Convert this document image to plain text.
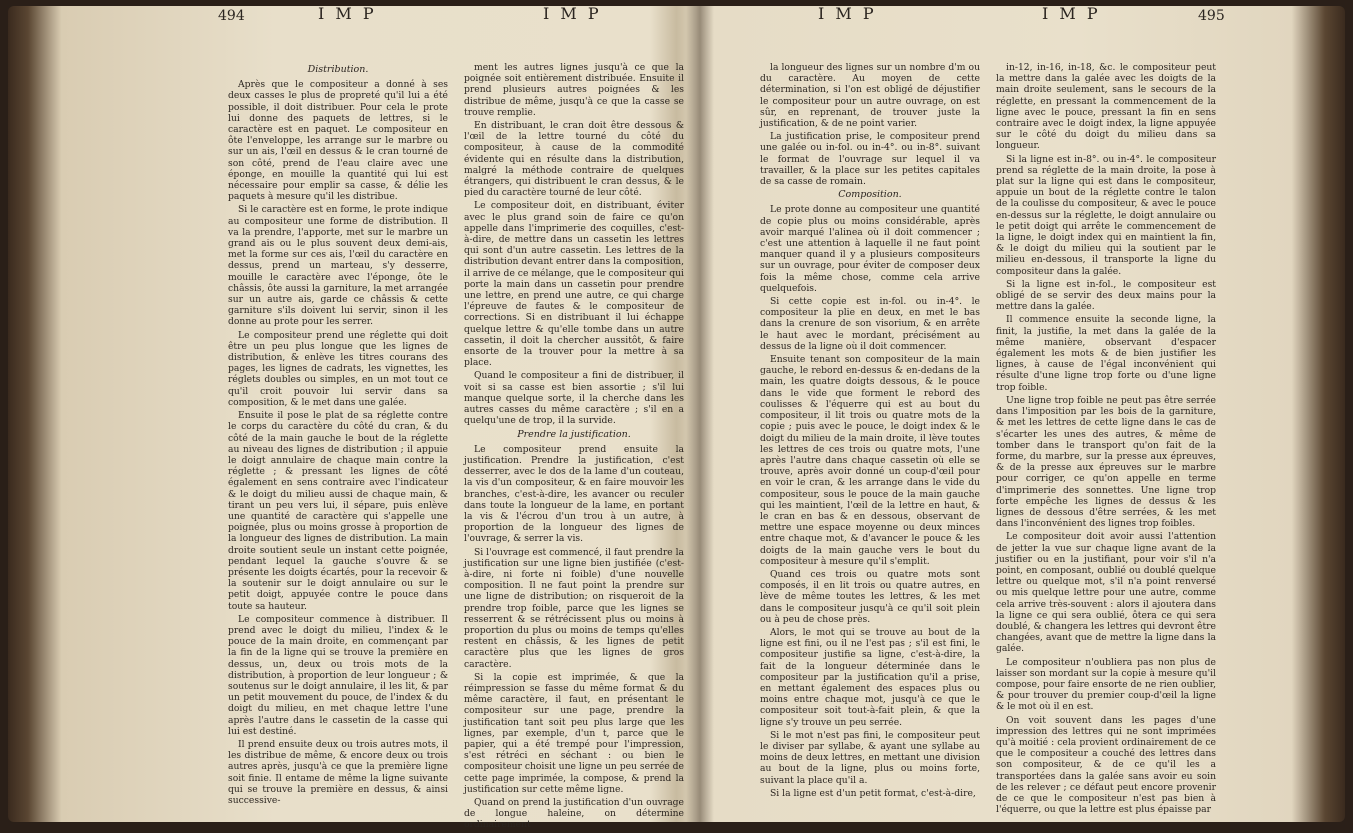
494	I M P	I M P
Distribution.

Après que le compositeur a donné à ses deux casses le plus de propreté qu'il lui a été possible, il doit distribuer. Pour cela le prote lui donne des paquets de lettres, si le caractère est en paquet. Le compositeur en ôte l'enveloppe, les arrange sur le marbre ou sur un ais, l'œil en dessus & le cran tourné de son côté, prend de l'eau claire avec une éponge, en mouille la quantité qui lui est nécessaire pour emplir sa casse, & délie les paquets à mesure qu'il les distribue.

Si le caractère est en forme, le prote indique au compositeur une forme de distribution. Il va la prendre, l'apporte, met sur le marbre un grand ais ou le plus souvent deux demi-ais, met la forme sur ces ais, l'œil du caractère en dessus, prend un marteau, s'y desserre, mouille le caractère avec l'éponge, ôte le châssis, ôte aussi la garniture, la met arrangée sur un autre ais, garde ce châssis & cette garniture s'ils doivent lui servir, sinon il les donne au prote pour les serrer.

Le compositeur prend une réglette qui doit être un peu plus longue que les lignes de distribution, & enlève les titres courans des pages, les lignes de cadrats, les vignettes, les réglets doubles ou simples, en un mot tout ce qu'il croit pouvoir lui servir dans sa composition, & le met dans une galée.

Ensuite il pose le plat de sa réglette contre le corps du caractère du côté du cran, & du côté de la main gauche le bout de la réglette au niveau des lignes de distribution ; il appuie le doigt annulaire de chaque main contre la réglette ; & pressant les lignes de côté également en sens contraire avec l'indicateur & le doigt du milieu aussi de chaque main, & tirant un peu vers lui, il sépare, puis enlève une quantité de caractère qui s'appelle une poignée, plus ou moins grosse à proportion de la longueur des lignes de distribution. La main droite soutient seule un instant cette poignée, pendant lequel la gauche s'ouvre & se présente les doigts écartés, pour la recevoir & la soutenir sur le doigt annulaire ou sur le petit doigt, appuyée contre le pouce dans toute sa hauteur.

Le compositeur commence à distribuer. Il prend avec le doigt du milieu, l'index & le pouce de la main droite, en commençant par la fin de la ligne qui se trouve la première en dessus, un, deux ou trois mots de la distribution, à proportion de leur longueur ; & soutenus sur le doigt annulaire, il les lit, & par un petit mouvement du pouce, de l'index & du doigt du milieu, en met chaque lettre l'une après l'autre dans le cassetin de la casse qui lui est destiné.

Il prend ensuite deux ou trois autres mots, il les distribue de même, & encore deux ou trois autres après, jusqu'à ce que la première ligne soit finie. Il entame de même la ligne suivante qui se trouve la première en dessus, & ainsi successive-

ment les autres lignes jusqu'à ce que la poignée soit entièrement distribuée. Ensuite il prend plusieurs autres poignées & les distribue de même, jusqu'à ce que la casse se trouve remplie.

En distribuant, le cran doit être dessous & l'œil de la lettre tourné du côté du compositeur, à cause de la commodité évidente qui en résulte dans la distribution, malgré la méthode contraire de quelques étrangers, qui distribuent le cran dessus, & le pied du caractère tourné de leur côté.

Le compositeur doit, en distribuant, éviter avec le plus grand soin de faire ce qu'on appelle dans l'imprimerie des coquilles, c'est-à-dire, de mettre dans un cassetin les lettres qui sont d'un autre cassetin. Les lettres de la distribution devant entrer dans la composition, il arrive de ce mélange, que le compositeur qui porte la main dans un cassetin pour prendre une lettre, en prend une autre, ce qui charge l'épreuve de fautes & le compositeur de corrections. Si en distribuant il lui échappe quelque lettre & qu'elle tombe dans un autre cassetin, il doit la chercher aussitôt, & faire ensorte de la trouver pour la mettre à sa place.

Quand le compositeur a fini de distribuer, il voit si sa casse est bien assortie ; s'il lui manque quelque sorte, il la cherche dans les autres casses du même caractère ; s'il en a quelqu'une de trop, il la survide.

Prendre la justification.

Le compositeur prend ensuite la justification. Prendre la justification, c'est desserrer, avec le dos de la lame d'un couteau, la vis d'un compositeur, & en faire mouvoir les branches, c'est-à-dire, les avancer ou reculer dans toute la longueur de la lame, en portant la vis & l'écrou d'un trou à un autre, à proportion de la longueur des lignes de l'ouvrage, & serrer la vis.

Si l'ouvrage est commencé, il faut prendre la justification sur une ligne bien justifiée (c'est-à-dire, ni forte ni foible) d'une nouvelle composition. Il ne faut point la prendre sur une ligne de distribution; on risqueroit de la prendre trop foible, parce que les lignes se resserrent & se rétrécissent plus ou moins à proportion du plus ou moins de temps qu'elles restent en châssis, & les lignes de petit caractère plus que les lignes de gros caractère.

Si la copie est imprimée, & que la réimpression se fasse du même format & du même caractère, il faut, en présentant le compositeur sur une page, prendre la justification tant soit peu plus large que les lignes, par exemple, d'un t, parce que le papier, qui a été trempé pour l'impression, s'est rétréci en séchant : ou bien le compositeur choisit une ligne un peu serrée de cette page imprimée, la compose, & prend la justification sur cette même ligne.

Quand on prend la justification d'un ouvrage de longue haleine, on détermine ordinairement

I M P	I M P	495

la longueur des lignes sur un nombre d'm ou du caractère. Au moyen de cette détermination, si l'on est obligé de déjustifier le compositeur pour un autre ouvrage, on est sûr, en reprenant, de trouver juste la justification, & de ne point varier.

La justification prise, le compositeur prend une galée ou in-fol. ou in-4°. ou in-8°. suivant le format de l'ouvrage sur lequel il va travailler, & la place sur les petites capitales de sa casse de romain.

Composition.

Le prote donne au compositeur une quantité de copie plus ou moins considérable, après avoir marqué l'alinea où il doit commencer ; c'est une attention à laquelle il ne faut point manquer quand il y a plusieurs compositeurs sur un ouvrage, pour éviter de composer deux fois la même chose, comme cela arrive quelquefois.

Si cette copie est in-fol. ou in-4°. le compositeur la plie en deux, en met le bas dans la crenure de son visorium, & en arrête le haut avec le mordant, précisément au dessus de la ligne où il doit commencer.

Ensuite tenant son compositeur de la main gauche, le rebord en-dessus & en-dedans de la main, les quatre doigts dessous, & le pouce dans le vide que forment le rebord des coulisses & l'équerre qui est au bout du compositeur, il lit trois ou quatre mots de la copie ; puis avec le pouce, le doigt index & le doigt du milieu de la main droite, il lève toutes les lettres de ces trois ou quatre mots, l'une après l'autre dans chaque cassetin où elle se trouve, après avoir donné un coup-d'œil pour en voir le cran, & les arrange dans le vide du compositeur, sous le pouce de la main gauche qui les maintient, l'œil de la lettre en haut, & le cran en bas & en dessous, observant de mettre une espace moyenne ou deux minces entre chaque mot, & d'avancer le pouce & les doigts de la main gauche vers le bout du compositeur à mesure qu'il s'emplit.

Quand ces trois ou quatre mots sont composés, il en lit trois ou quatre autres, en lève de même toutes les lettres, & les met dans le compositeur jusqu'à ce qu'il soit plein ou à peu de chose près.

Alors, le mot qui se trouve au bout de la ligne est fini, ou il ne l'est pas ; s'il est fini, le compositeur justifie sa ligne, c'est-à-dire, la fait de la longueur déterminée dans le compositeur par la justification qu'il a prise, en mettant également des espaces plus ou moins entre chaque mot, jusqu'à ce que le compositeur soit tout-à-fait plein, & que la ligne s'y trouve un peu serrée.

Si le mot n'est pas fini, le compositeur peut le diviser par syllabe, & ayant une syllabe au moins de deux lettres, en mettant une division au bout de la ligne, plus ou moins forte, suivant la place qu'il a.

Si la ligne est d'un petit format, c'est-à-dire,

in-12, in-16, in-18, &c. le compositeur peut la mettre dans la galée avec les doigts de la main droite seulement, sans le secours de la réglette, en pressant la commencement de la ligne avec le pouce, pressant la fin en sens contraire avec le doigt index, la ligne appuyée sur le côté du doigt du milieu dans sa longueur.

Si la ligne est in-8°. ou in-4°. le compositeur prend sa réglette de la main droite, la pose à plat sur la ligne qui est dans le compositeur, appuie un bout de la réglette contre le talon de la coulisse du compositeur, & avec le pouce en-dessus sur la réglette, le doigt annulaire ou le petit doigt qui arrête le commencement de la ligne, le doigt index qui en maintient la fin, & le doigt du milieu qui la soutient par le milieu en-dessous, il transporte la ligne du compositeur dans la galée.

Si la ligne est in-fol., le compositeur est obligé de se servir des deux mains pour la mettre dans la galée.

Il commence ensuite la seconde ligne, la finit, la justifie, la met dans la galée de la même manière, observant d'espacer également les mots & de bien justifier les lignes, à cause de l'égal inconvénient qui résulte d'une ligne trop forte ou d'une ligne trop foible.

Une ligne trop foible ne peut pas être serrée dans l'imposition par les bois de la garniture, & met les lettres de cette ligne dans le cas de s'écarter les unes des autres, & même de tomber dans le transport qu'on fait de la forme, du marbre, sur la presse aux épreuves, & de la presse aux épreuves sur le marbre pour corriger, ce qu'on appelle en terme d'imprimerie des sonnettes. Une ligne trop forte empêche les lignes de dessus & les lignes de dessous d'être serrées, & les met dans l'inconvénient des lignes trop foibles.

Le compositeur doit avoir aussi l'attention de jetter la vue sur chaque ligne avant de la justifier ou en la justifiant, pour voir s'il n'a point, en composant, oublié ou doublé quelque lettre ou quelque mot, s'il n'a point renversé ou mis quelque lettre pour une autre, comme cela arrive très-souvent : alors il ajoutera dans la ligne ce qui sera oublié, ôtera ce qui sera doublé, & changera les lettres qui devront être changées, avant que de mettre la ligne dans la galée.

Le compositeur n'oubliera pas non plus de laisser son mordant sur la copie à mesure qu'il compose, pour faire ensorte de ne rien oublier, & pour trouver du premier coup-d'œil la ligne & le mot où il en est.

On voit souvent dans les pages d'une impression des lettres qui ne sont imprimées qu'à moitié : cela provient ordinairement de ce que le compositeur a couché des lettres dans son compositeur, & de ce qu'il les a transportées dans la galée sans avoir eu soin de les relever ; ce défaut peut encore provenir de ce que le compositeur n'est pas bien à l'équerre, ou que la lettre est plus épaisse par
